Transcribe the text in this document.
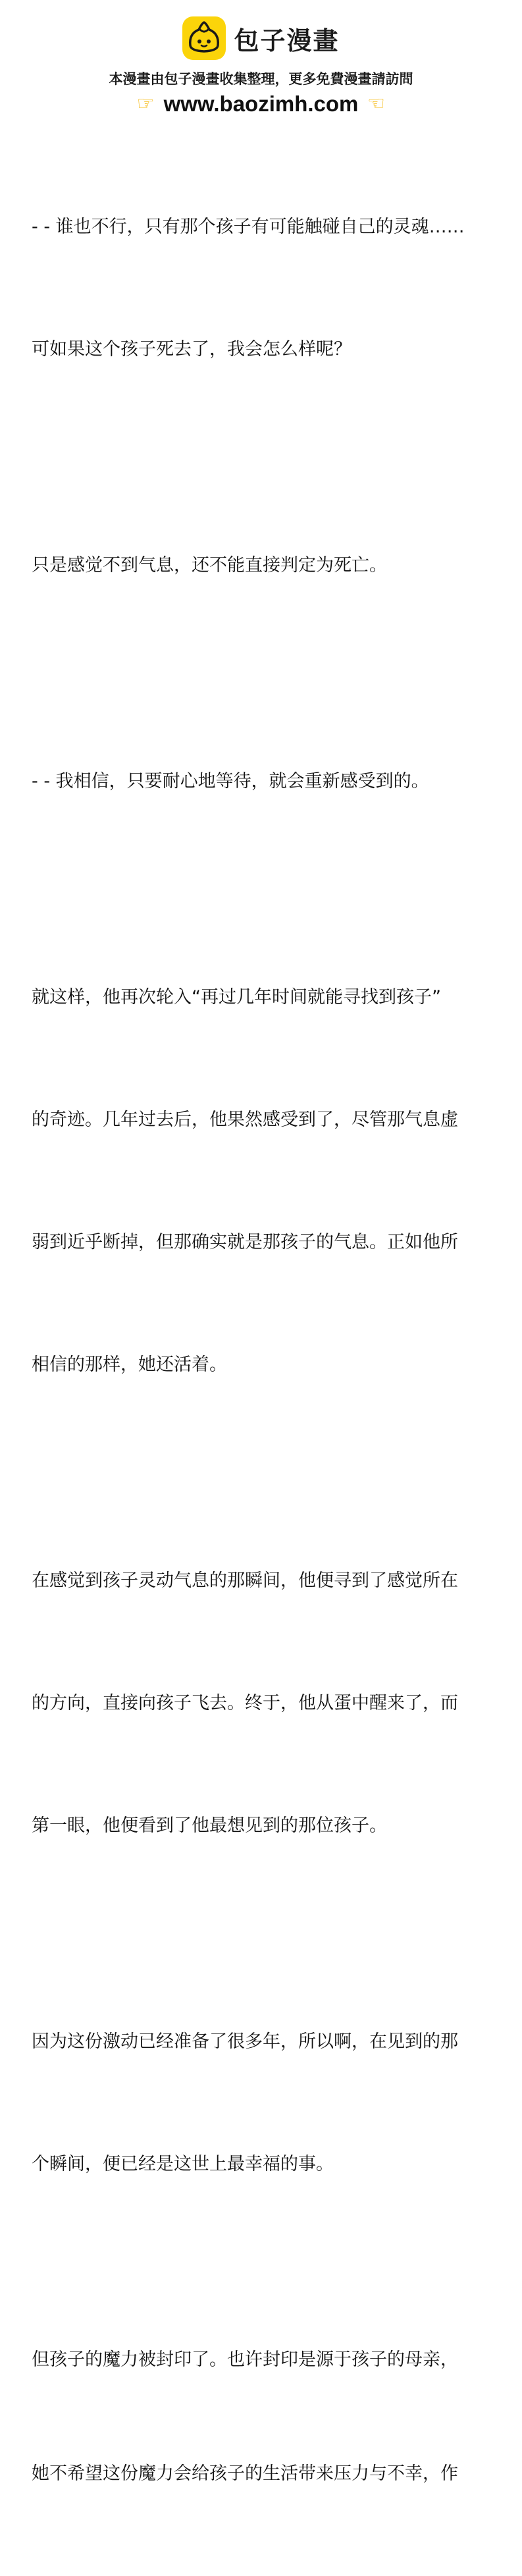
包子漫畫
本漫畫由包子漫畫收集整理，更多免費漫畫請訪問
☞ www.baozimh.com ☞

- - 谁也不行，只有那个孩子有可能触碰自己的灵魂……

可如果这个孩子死去了，我会怎么样呢？

只是感觉不到气息，还不能直接判定为死亡。

- - 我相信，只要耐心地等待，就会重新感受到的。

就这样，他再次轮入“再过几年时间就能寻找到孩子”

的奇迹。几年过去后，他果然感受到了，尽管那气息虚

弱到近乎断掉，但那确实就是那孩子的气息。正如他所

相信的那样，她还活着。

在感觉到孩子灵动气息的那瞬间，他便寻到了感觉所在

的方向，直接向孩子飞去。终于，他从蛋中醒来了，而

第一眼，他便看到了他最想见到的那位孩子。

因为这份激动已经准备了很多年，所以啊，在见到的那

个瞬间，便已经是这世上最幸福的事。

但孩子的魔力被封印了。也许封印是源于孩子的母亲，

她不希望这份魔力会给孩子的生活带来压力与不幸，作
